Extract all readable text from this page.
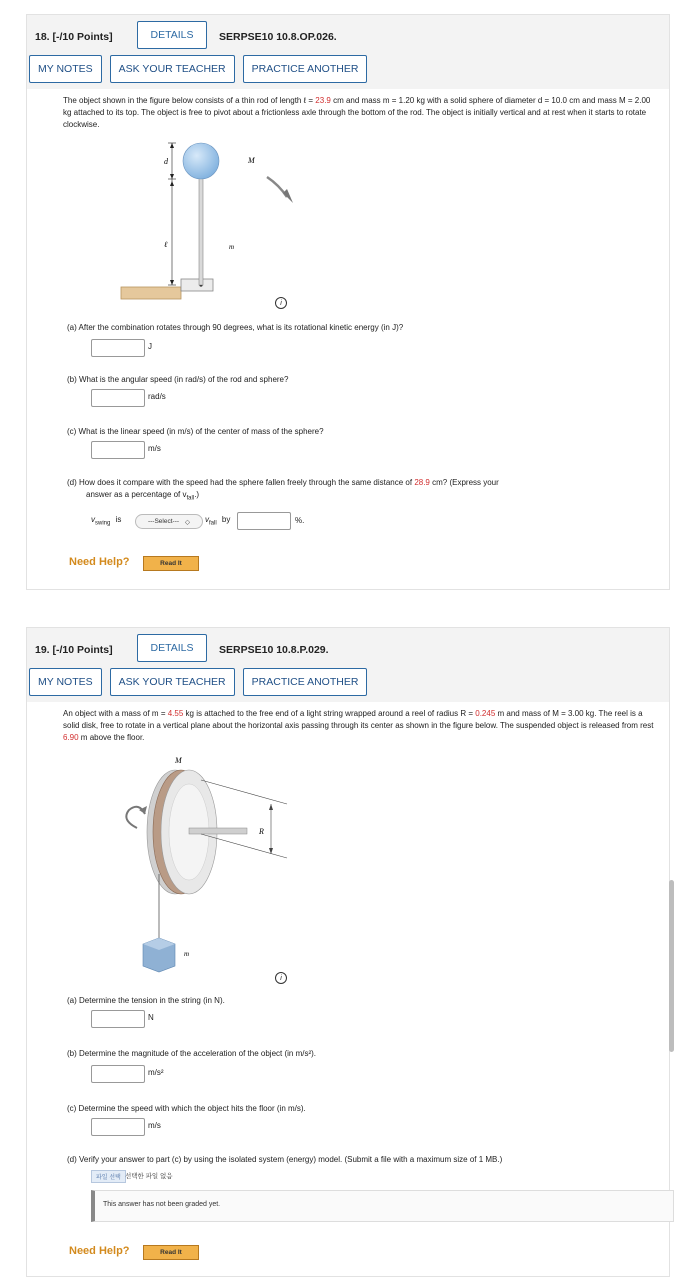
18. [-/10 Points]	DETAILS	SERPSE10 10.8.OP.026.
MY NOTES	ASK YOUR TEACHER	PRACTICE ANOTHER
The object shown in the figure below consists of a thin rod of length ℓ = 23.9 cm and mass m = 1.20 kg with a solid sphere of diameter d = 10.0 cm and mass M = 2.00 kg attached to its top. The object is free to pivot about a frictionless axle through the bottom of the rod. The object is initially vertical and at rest when it starts to rotate clockwise.
d	M
ℓ	m
i
(a) After the combination rotates through 90 degrees, what is its rotational kinetic energy (in J)?
J
(b) What is the angular speed (in rad/s) of the rod and sphere?
rad/s
(c) What is the linear speed (in m/s) of the center of mass of the sphere?
m/s
(d) How does it compare with the speed had the sphere fallen freely through the same distance of 28.9 cm? (Express your
answer as a percentage of $v_{fall}$.)
$v_{swing}$ is	---Select--- ◇ $v_{fall}$ by	%.
Need Help?	Read It
19. [-/10 Points]	DETAILS	SERPSE10 10.8.P.029.
MY NOTES	ASK YOUR TEACHER	PRACTICE ANOTHER
An object with a mass of m = 4.55 kg is attached to the free end of a light string wrapped around a reel of radius R = 0.245 m and mass of M = 3.00 kg. The reel is a solid disk, free to rotate in a vertical plane about the horizontal axis passing through its center as shown in the figure below. The suspended object is released from rest 6.90 m above the floor.
M
R
m
i
(a) Determine the tension in the string (in N).
N
(b) Determine the magnitude of the acceleration of the object (in m/s²).
m/s²
(c) Determine the speed with which the object hits the floor (in m/s).
m/s
(d) Verify your answer to part (c) by using the isolated system (energy) model. (Submit a file with a maximum size of 1 MB.)
파일 선택 선택한 파일 없음
This answer has not been graded yet.
Need Help?	Read It
